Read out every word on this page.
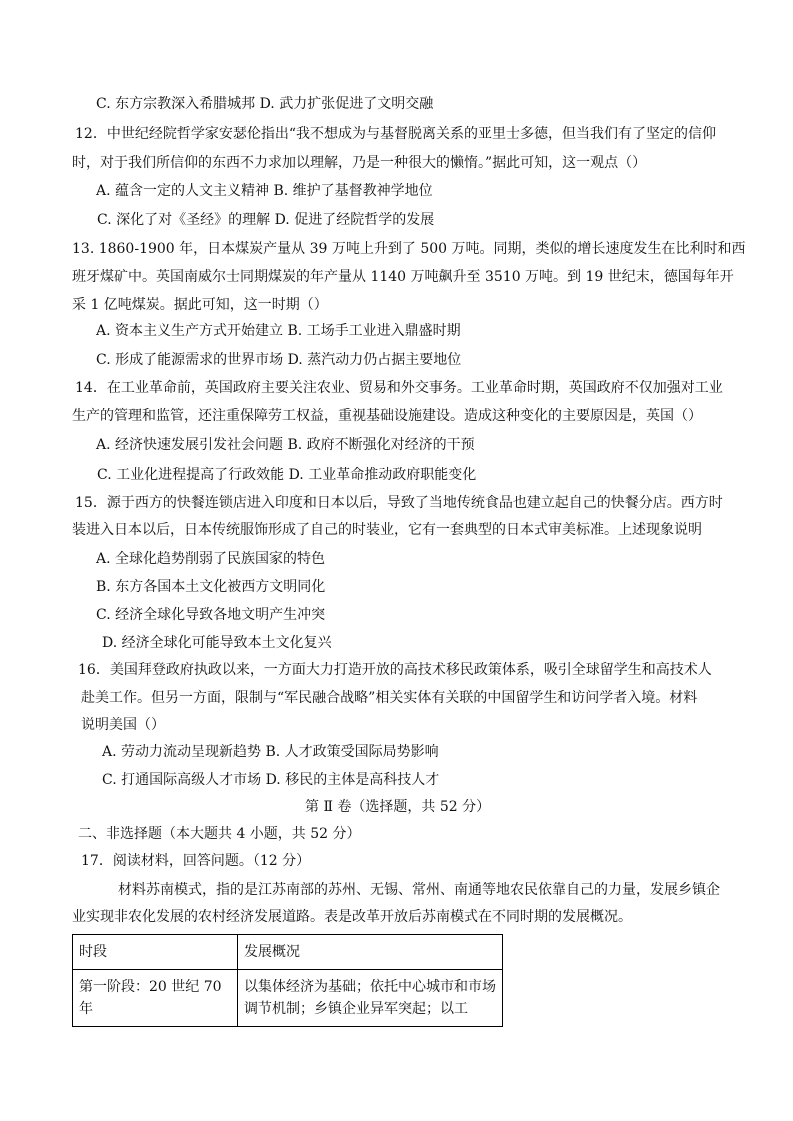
C. 东方宗教深入希腊城邦 D. 武力扩张促进了文明交融
12．中世纪经院哲学家安瑟伦指出“我不想成为与基督脱离关系的亚里士多德，但当我们有了坚定的信仰
时，对于我们所信仰的东西不力求加以理解，乃是一种很大的懒惰。”据此可知，这一观点（）
A. 蕴含一定的人文主义精神 B. 维护了基督教神学地位
C. 深化了对《圣经》的理解 D. 促进了经院哲学的发展
13. 1860-1900 年，日本煤炭产量从 39 万吨上升到了 500 万吨。同期，类似的增长速度发生在比利时和西
班牙煤矿中。英国南威尔士同期煤炭的年产量从 1140 万吨飙升至 3510 万吨。到 19 世纪末，德国每年开
采 1 亿吨煤炭。据此可知，这一时期（）
A. 资本主义生产方式开始建立 B. 工场手工业进入鼎盛时期
C. 形成了能源需求的世界市场 D. 蒸汽动力仍占据主要地位
14．在工业革命前，英国政府主要关注农业、贸易和外交事务。工业革命时期，英国政府不仅加强对工业
生产的管理和监管，还注重保障劳工权益，重视基础设施建设。造成这种变化的主要原因是，英国（）
A. 经济快速发展引发社会问题 B. 政府不断强化对经济的干预
C. 工业化进程提高了行政效能 D. 工业革命推动政府职能变化
15．源于西方的快餐连锁店进入印度和日本以后，导致了当地传统食品也建立起自己的快餐分店。西方时
装进入日本以后，日本传统服饰形成了自己的时装业，它有一套典型的日本式审美标准。上述现象说明
A. 全球化趋势削弱了民族国家的特色
B. 东方各国本土文化被西方文明同化
C. 经济全球化导致各地文明产生冲突
D. 经济全球化可能导致本土文化复兴
16．美国拜登政府执政以来，一方面大力打造开放的高技术移民政策体系，吸引全球留学生和高技术人
赴美工作。但另一方面，限制与“军民融合战略”相关实体有关联的中国留学生和访问学者入境。材料
说明美国（）
A. 劳动力流动呈现新趋势 B. 人才政策受国际局势影响
C. 打通国际高级人才市场 D. 移民的主体是高科技人才
第 Ⅱ 卷（选择题，共 52 分）
二、非选择题（本大题共 4 小题，共 52 分）
17．阅读材料，回答问题。（12 分）
材料苏南模式，指的是江苏南部的苏州、无锡、常州、南通等地农民依靠自己的力量，发展乡镇企
业实现非农化发展的农村经济发展道路。表是改革开放后苏南模式在不同时期的发展概况。
时段	发展概况
第一阶段：20 世纪 70 年	以集体经济为基础；依托中心城市和市场调节机制；乡镇企业异军突起；以工
